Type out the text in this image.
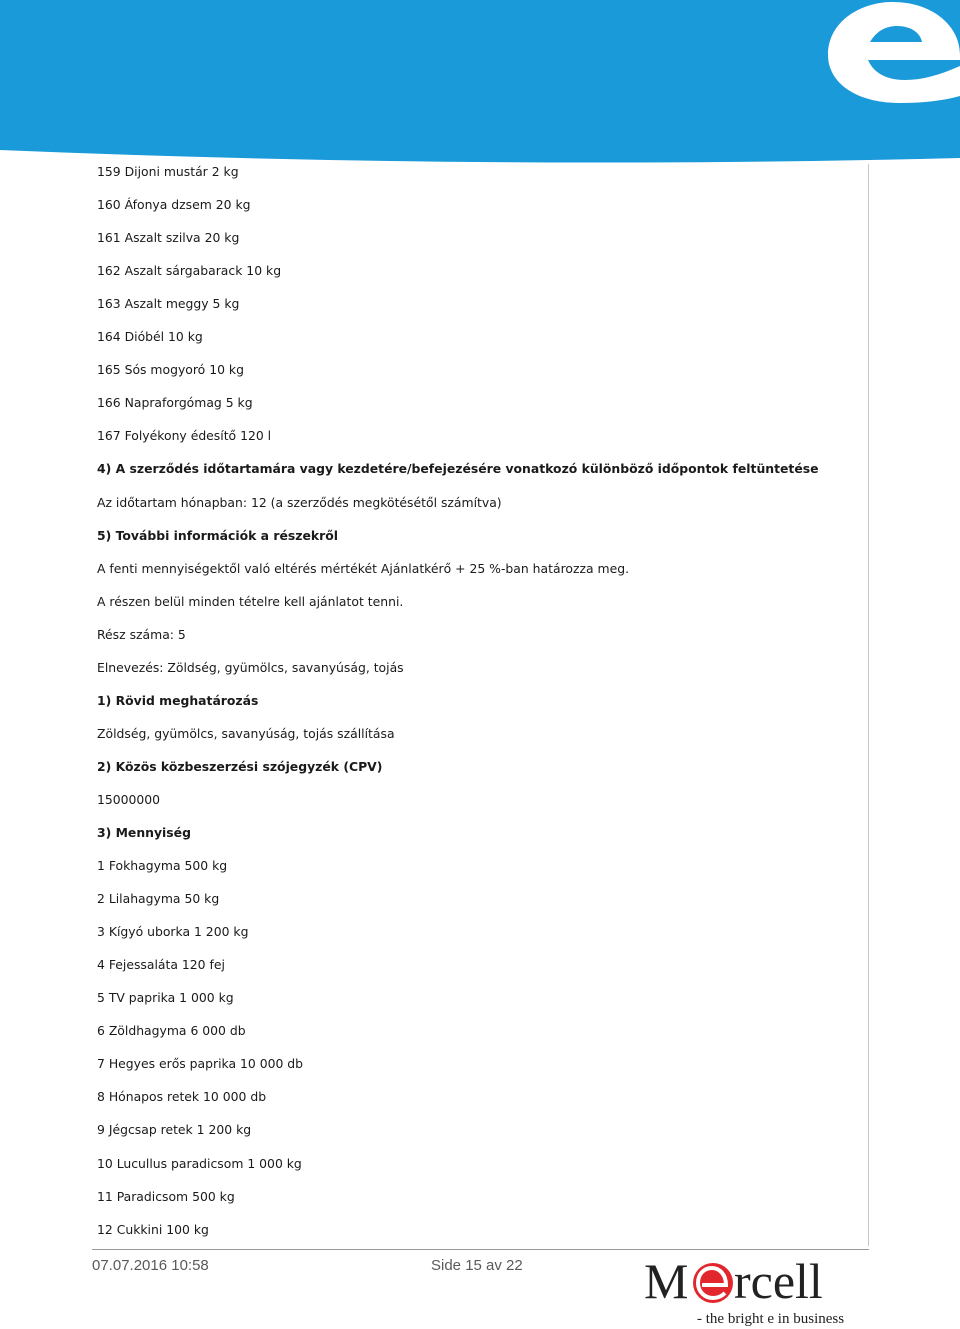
159 Dijoni mustár 2 kg
160 Áfonya dzsem 20 kg
161 Aszalt szilva 20 kg
162 Aszalt sárgabarack 10 kg
163 Aszalt meggy 5 kg
164 Dióbél 10 kg
165 Sós mogyoró 10 kg
166 Napraforgómag 5 kg
167 Folyékony édesítő 120 l
4) A szerződés időtartamára vagy kezdetére/befejezésére vonatkozó különböző időpontok feltüntetése
Az időtartam hónapban: 12 (a szerződés megkötésétől számítva)
5) További információk a részekről
A fenti mennyiségektől való eltérés mértékét Ajánlatkérő + 25 %-ban határozza meg.
A részen belül minden tételre kell ajánlatot tenni.
Rész száma: 5
Elnevezés: Zöldség, gyümölcs, savanyúság, tojás
1) Rövid meghatározás
Zöldség, gyümölcs, savanyúság, tojás szállítása
2) Közös közbeszerzési szójegyzék (CPV)
15000000
3) Mennyiség
1 Fokhagyma 500 kg
2 Lilahagyma 50 kg
3 Kígyó uborka 1 200 kg
4 Fejessaláta 120 fej
5 TV paprika 1 000 kg
6 Zöldhagyma 6 000 db
7 Hegyes erős paprika 10 000 db
8 Hónapos retek 10 000 db
9 Jégcsap retek 1 200 kg
10 Lucullus paradicsom 1 000 kg
11 Paradicsom 500 kg
12 Cukkini 100 kg
07.07.2016 10:58	Side 15 av 22 M rcell
- the bright e in business
